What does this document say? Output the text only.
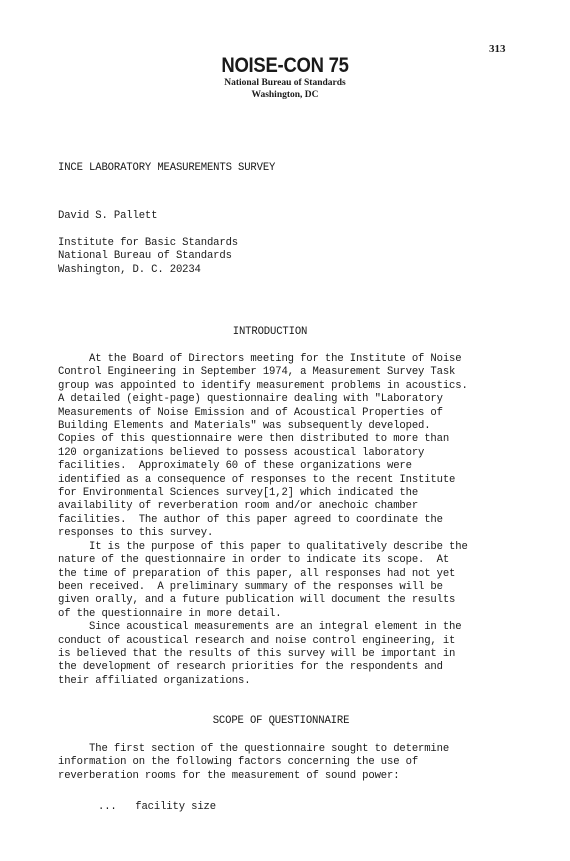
313
NOISE-CON 75
National Bureau of Standards
Washington, DC
INCE LABORATORY MEASUREMENTS SURVEY
David S. Pallett
Institute for Basic Standards
National Bureau of Standards
Washington, D. C. 20234
INTRODUCTION
At the Board of Directors meeting for the Institute of Noise
Control Engineering in September 1974, a Measurement Survey Task
group was appointed to identify measurement problems in acoustics.
A detailed (eight-page) questionnaire dealing with "Laboratory
Measurements of Noise Emission and of Acoustical Properties of
Building Elements and Materials" was subsequently developed.
Copies of this questionnaire were then distributed to more than
120 organizations believed to possess acoustical laboratory
facilities.  Approximately 60 of these organizations were
identified as a consequence of responses to the recent Institute
for Environmental Sciences survey[1,2] which indicated the
availability of reverberation room and/or anechoic chamber
facilities.  The author of this paper agreed to coordinate the
responses to this survey.
It is the purpose of this paper to qualitatively describe the
nature of the questionnaire in order to indicate its scope.  At
the time of preparation of this paper, all responses had not yet
been received.  A preliminary summary of the responses will be
given orally, and a future publication will document the results
of the questionnaire in more detail.
Since acoustical measurements are an integral element in the
conduct of acoustical research and noise control engineering, it
is believed that the results of this survey will be important in
the development of research priorities for the respondents and
their affiliated organizations.
SCOPE OF QUESTIONNAIRE
The first section of the questionnaire sought to determine
information on the following factors concerning the use of
reverberation rooms for the measurement of sound power:
...   facility size
